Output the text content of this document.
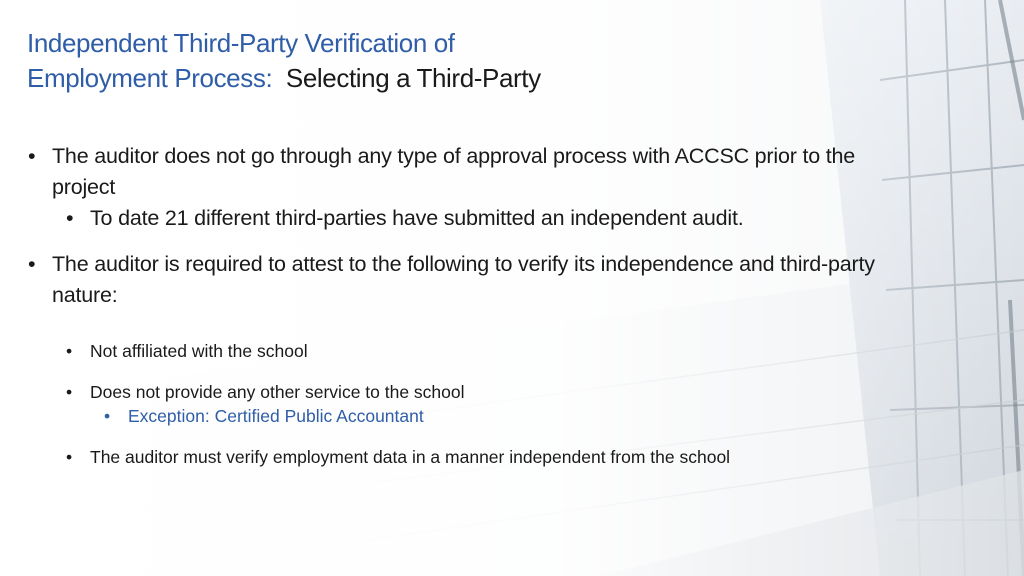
Independent Third-Party Verification of
Employment Process: Selecting a Third-Party
• The auditor does not go through any type of approval process with ACCSC prior to the project
• To date 21 different third-parties have submitted an independent audit.
• The auditor is required to attest to the following to verify its independence and third-party nature:
• Not affiliated with the school
• Does not provide any other service to the school
• Exception: Certified Public Accountant
• The auditor must verify employment data in a manner independent from the school
